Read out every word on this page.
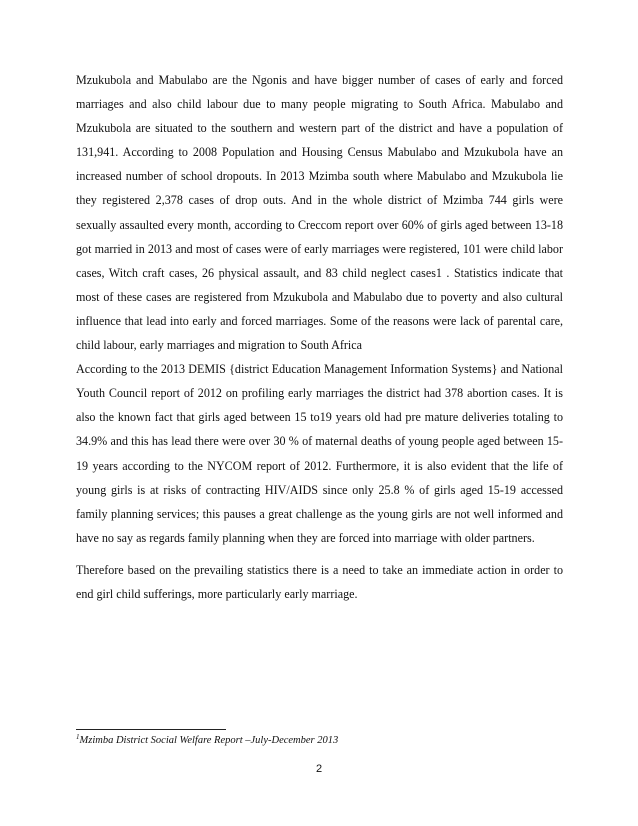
Mzukubola and Mabulabo are the Ngonis and have bigger number of cases of early and forced marriages and also child labour due to many people migrating to South Africa. Mabulabo and Mzukubola are situated to the southern and western part of the district and have a population of 131,941. According to 2008 Population and Housing Census Mabulabo and Mzukubola have an increased number of school dropouts. In 2013 Mzimba south where Mabulabo and Mzukubola lie they registered 2,378 cases of drop outs. And in the whole district of Mzimba 744 girls were sexually assaulted every month, according to Creccom report over 60% of girls aged between 13-18 got married in 2013 and most of cases were of early marriages were registered, 101 were child labor cases, Witch craft cases, 26 physical assault, and 83 child neglect cases1 . Statistics indicate that most of these cases are registered from Mzukubola and Mabulabo due to poverty and also cultural influence that lead into early and forced marriages. Some of the reasons were lack of parental care, child labour, early marriages and migration to South Africa

According to the 2013 DEMIS {district Education Management Information Systems} and National Youth Council report of 2012 on profiling early marriages the district had 378 abortion cases. It is also the known fact that girls aged between 15 to19 years old had pre mature deliveries totaling to 34.9% and this has lead there were over 30 % of maternal deaths of young people aged between 15-19 years according to the NYCOM report of 2012. Furthermore, it is also evident that the life of young girls is at risks of contracting HIV/AIDS since only 25.8 % of girls aged 15-19 accessed family planning services; this pauses a great challenge as the young girls are not well informed and have no say as regards family planning when they are forced into marriage with older partners.

Therefore based on the prevailing statistics there is a need to take an immediate action in order to end girl child sufferings, more particularly early marriage.

$^1$Mzimba District Social Welfare Report –July-December 2013
2
